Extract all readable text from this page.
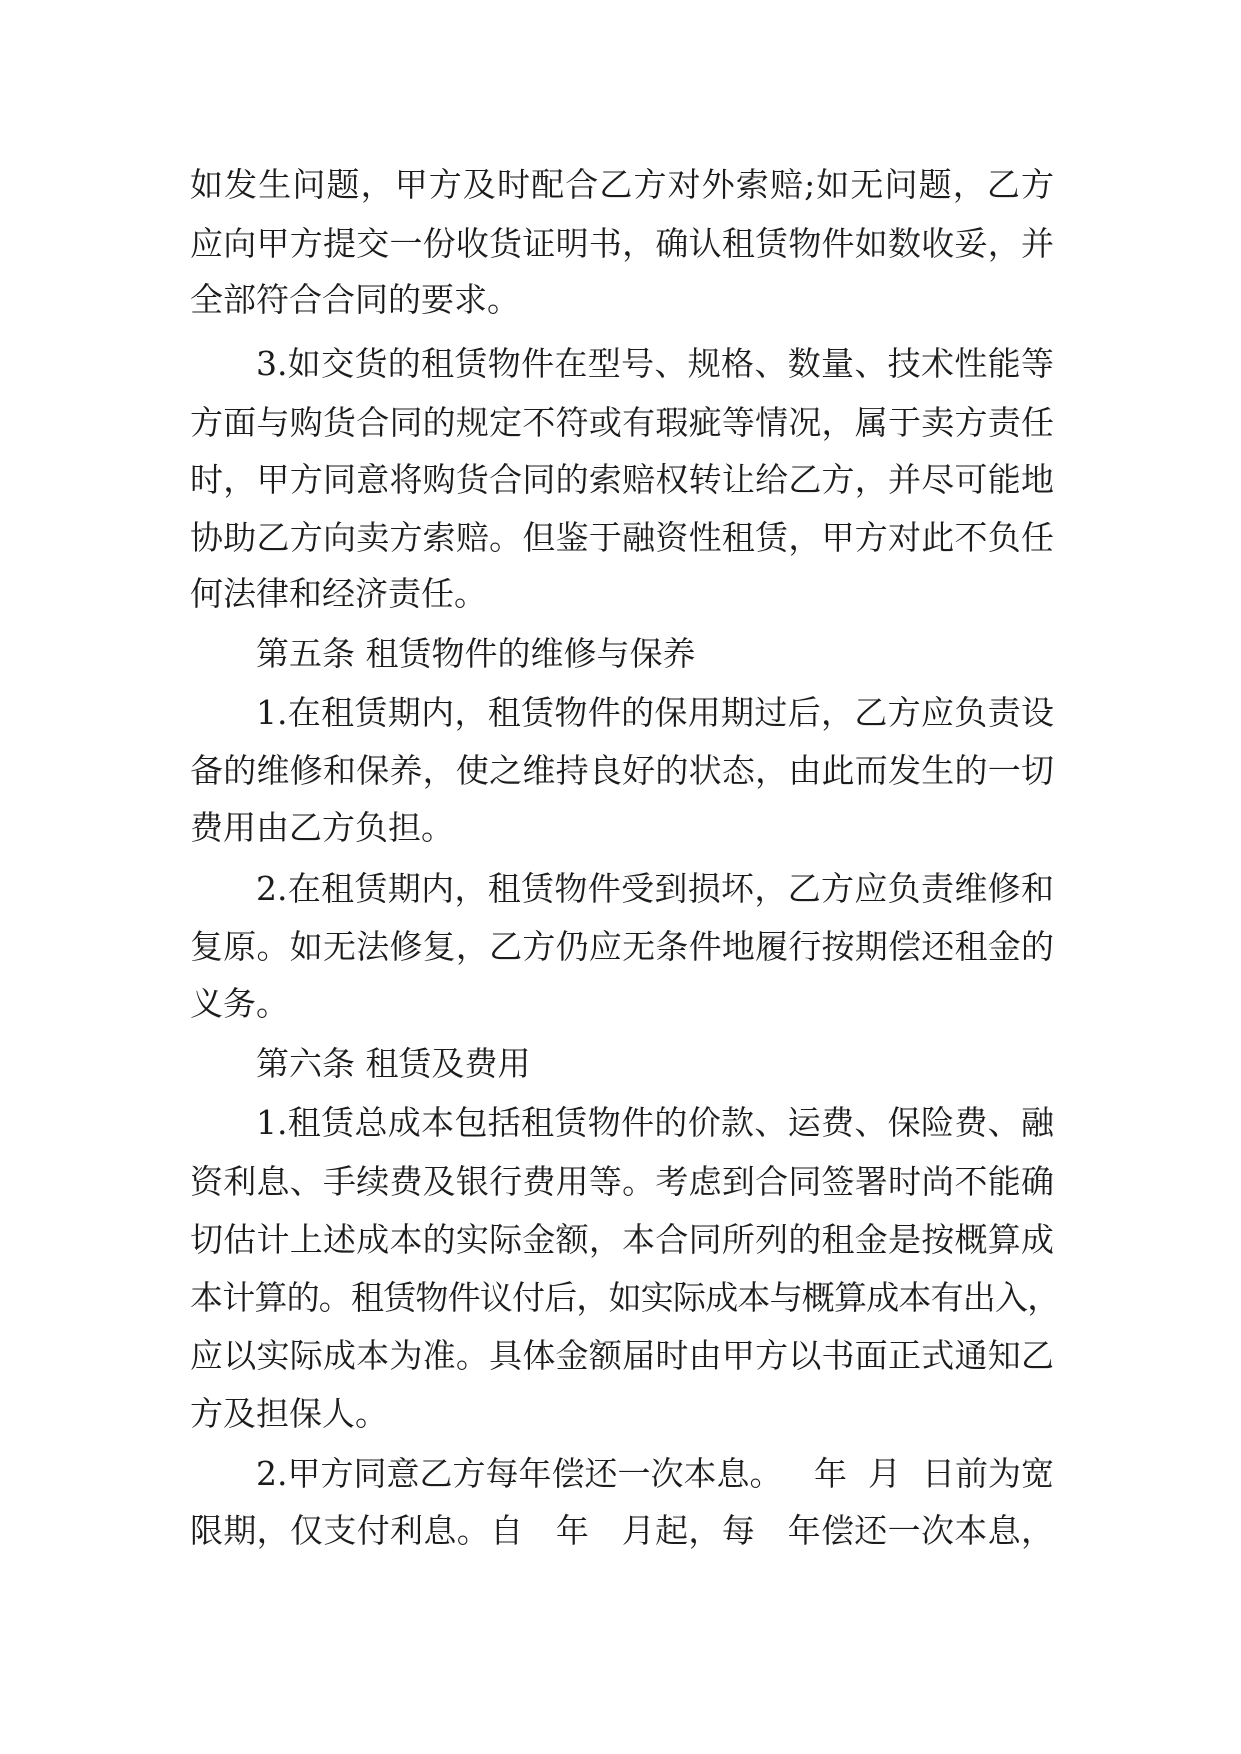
如发生问题，甲方及时配合乙方对外索赔;如无问题，乙方
应向甲方提交一份收货证明书，确认租赁物件如数收妥，并
全部符合合同的要求。
3.如交货的租赁物件在型号、规格、数量、技术性能等
方面与购货合同的规定不符或有瑕疵等情况，属于卖方责任
时，甲方同意将购货合同的索赔权转让给乙方，并尽可能地
协助乙方向卖方索赔。但鉴于融资性租赁，甲方对此不负任
何法律和经济责任。
第五条 租赁物件的维修与保养
1.在租赁期内，租赁物件的保用期过后，乙方应负责设
备的维修和保养，使之维持良好的状态，由此而发生的一切
费用由乙方负担。
2.在租赁期内，租赁物件受到损坏，乙方应负责维修和
复原。如无法修复，乙方仍应无条件地履行按期偿还租金的
义务。
第六条 租赁及费用
1.租赁总成本包括租赁物件的价款、运费、保险费、融
资利息、手续费及银行费用等。考虑到合同签署时尚不能确
切估计上述成本的实际金额，本合同所列的租金是按概算成
本计算的。租赁物件议付后，如实际成本与概算成本有出入，
应以实际成本为准。具体金额届时由甲方以书面正式通知乙
方及担保人。
2.甲方同意乙方每年偿还一次本息。   年  月  日前为宽
限期，仅支付利息。自   年   月起，每   年偿还一次本息，
